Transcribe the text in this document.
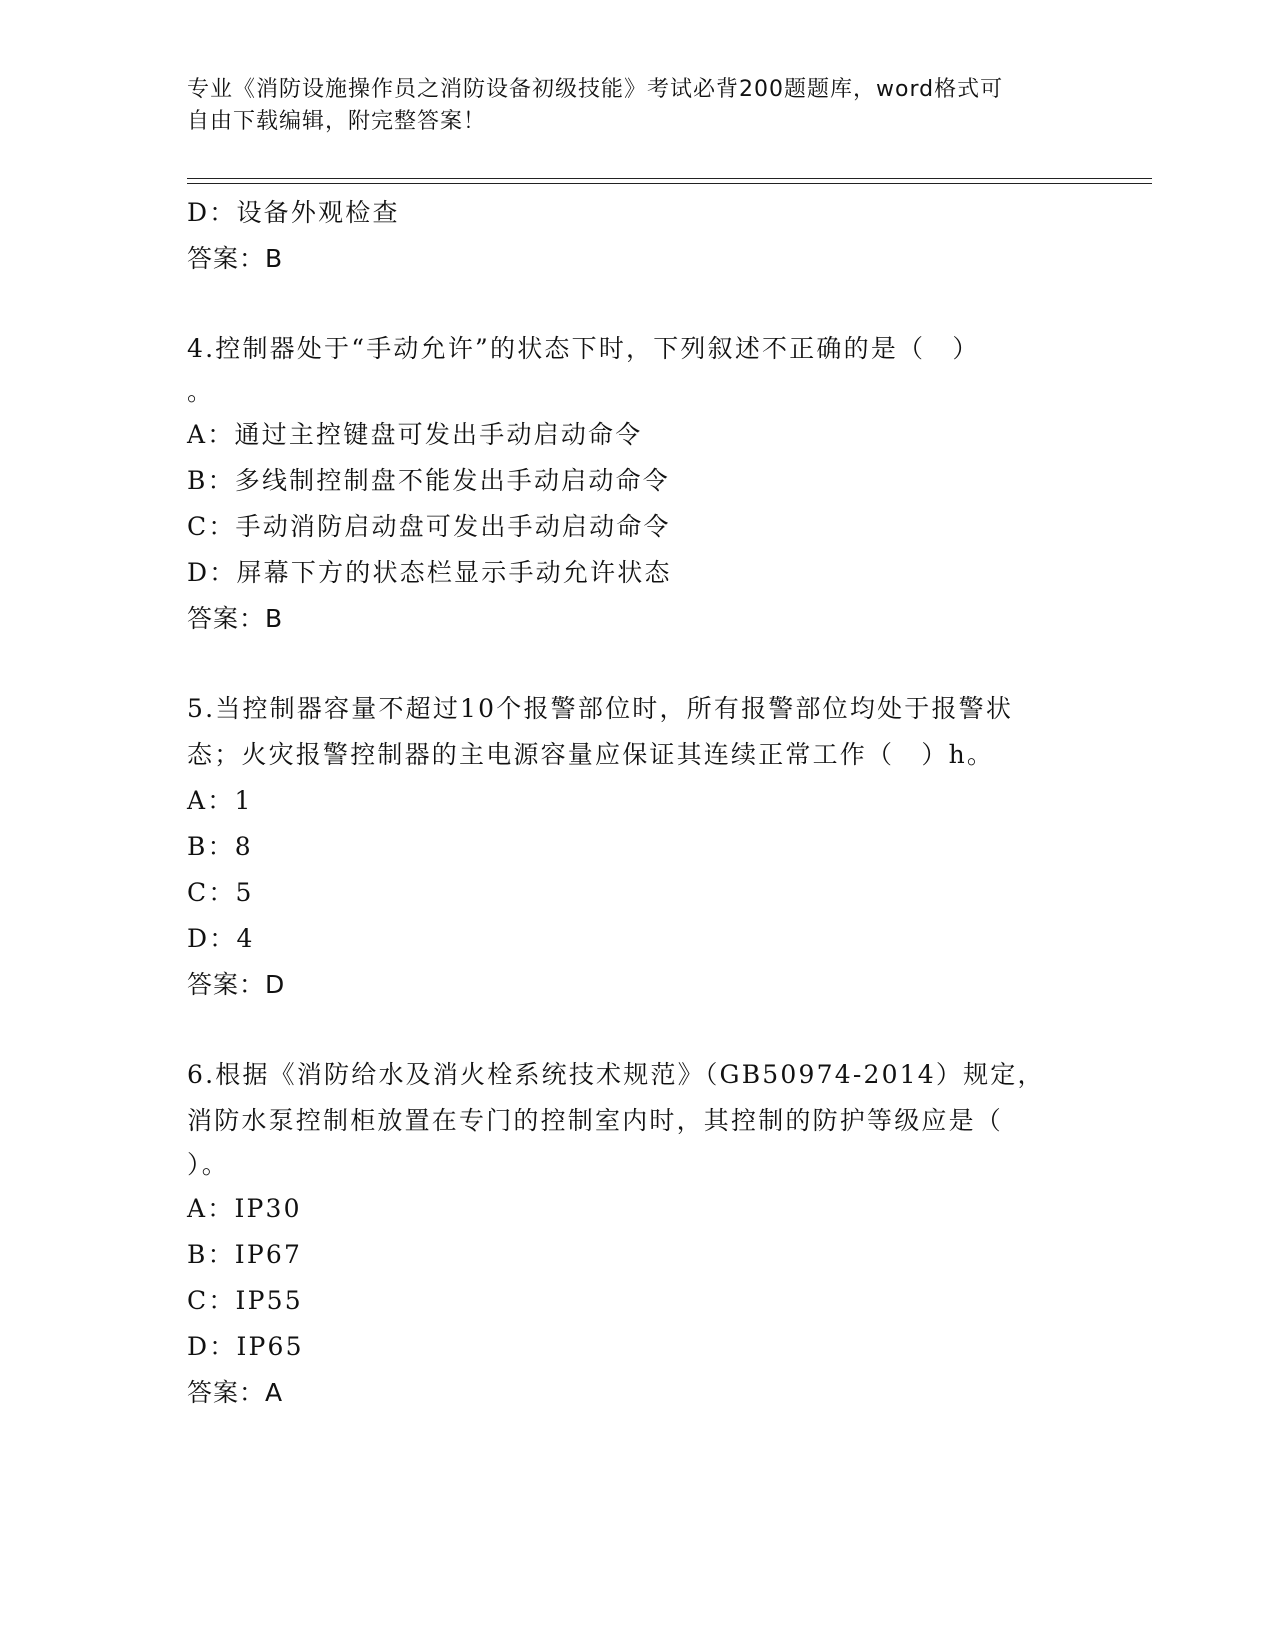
专业《消防设施操作员之消防设备初级技能》考试必背200题题库，word格式可
自由下载编辑，附完整答案！
D：设备外观检查
答案：B
4.控制器处于“手动允许”的状态下时，下列叙述不正确的是（　）
。
A：通过主控键盘可发出手动启动命令
B：多线制控制盘不能发出手动启动命令
C：手动消防启动盘可发出手动启动命令
D：屏幕下方的状态栏显示手动允许状态
答案：B
5.当控制器容量不超过10个报警部位时，所有报警部位均处于报警状
态；火灾报警控制器的主电源容量应保证其连续正常工作（　）h。
A：1
B：8
C：5
D：4
答案：D
6.根据《消防给水及消火栓系统技术规范》（GB50974-2014）规定，
消防水泵控制柜放置在专门的控制室内时，其控制的防护等级应是（
）。
A：IP30
B：IP67
C：IP55
D：IP65
答案：A
